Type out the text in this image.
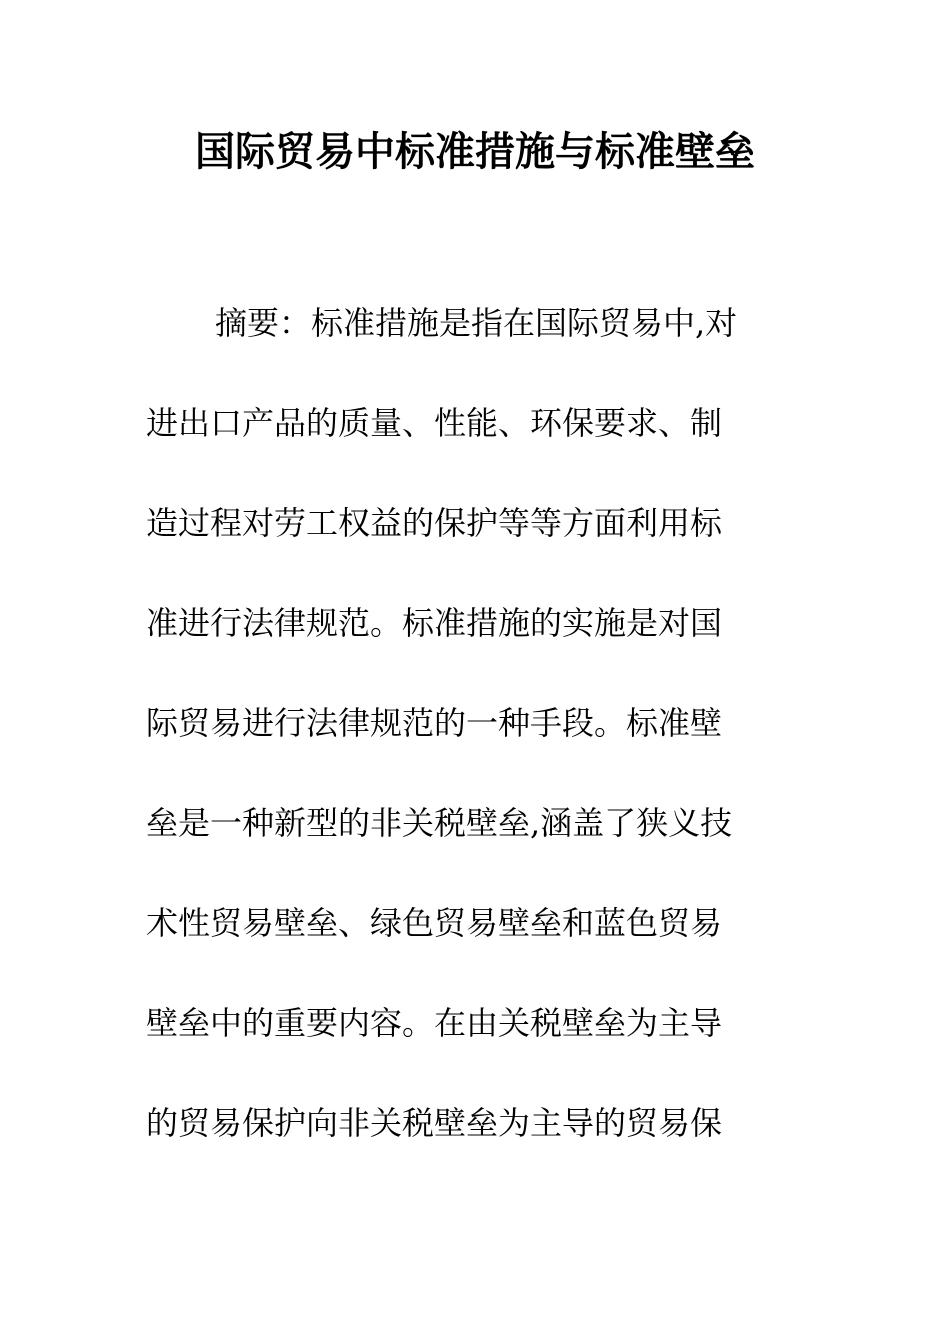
国际贸易中标准措施与标准壁垒
摘要：标准措施是指在国际贸易中,对
进出口产品的质量、性能、环保要求、制
造过程对劳工权益的保护等等方面利用标
准进行法律规范。标准措施的实施是对国
际贸易进行法律规范的一种手段。标准壁
垒是一种新型的非关税壁垒,涵盖了狭义技
术性贸易壁垒、绿色贸易壁垒和蓝色贸易
壁垒中的重要内容。在由关税壁垒为主导
的贸易保护向非关税壁垒为主导的贸易保
